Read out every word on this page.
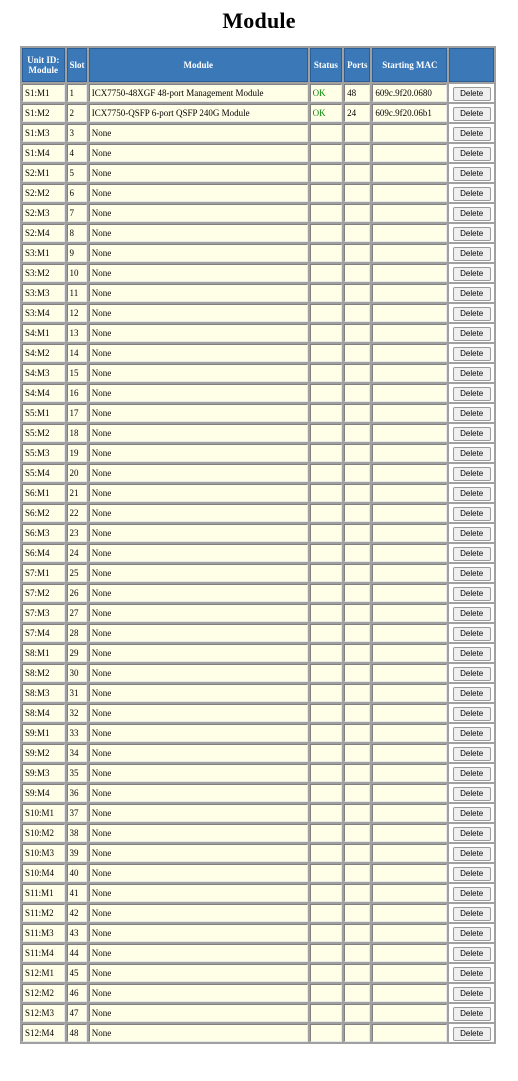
Module
Unit ID: Module	Slot	Module	Status	Ports	Starting MAC	
S1:M1	1	ICX7750-48XGF 48-port Management Module	OK	48	609c.9f20.0680	Delete
S1:M2	2	ICX7750-QSFP 6-port QSFP 240G Module	OK	24	609c.9f20.06b1	Delete
S1:M3	3	None				Delete
S1:M4	4	None				Delete
S2:M1	5	None				Delete
S2:M2	6	None				Delete
S2:M3	7	None				Delete
S2:M4	8	None				Delete
S3:M1	9	None				Delete
S3:M2	10	None				Delete
S3:M3	11	None				Delete
S3:M4	12	None				Delete
S4:M1	13	None				Delete
S4:M2	14	None				Delete
S4:M3	15	None				Delete
S4:M4	16	None				Delete
S5:M1	17	None				Delete
S5:M2	18	None				Delete
S5:M3	19	None				Delete
S5:M4	20	None				Delete
S6:M1	21	None				Delete
S6:M2	22	None				Delete
S6:M3	23	None				Delete
S6:M4	24	None				Delete
S7:M1	25	None				Delete
S7:M2	26	None				Delete
S7:M3	27	None				Delete
S7:M4	28	None				Delete
S8:M1	29	None				Delete
S8:M2	30	None				Delete
S8:M3	31	None				Delete
S8:M4	32	None				Delete
S9:M1	33	None				Delete
S9:M2	34	None				Delete
S9:M3	35	None				Delete
S9:M4	36	None				Delete
S10:M1	37	None				Delete
S10:M2	38	None				Delete
S10:M3	39	None				Delete
S10:M4	40	None				Delete
S11:M1	41	None				Delete
S11:M2	42	None				Delete
S11:M3	43	None				Delete
S11:M4	44	None				Delete
S12:M1	45	None				Delete
S12:M2	46	None				Delete
S12:M3	47	None				Delete
S12:M4	48	None				Delete
